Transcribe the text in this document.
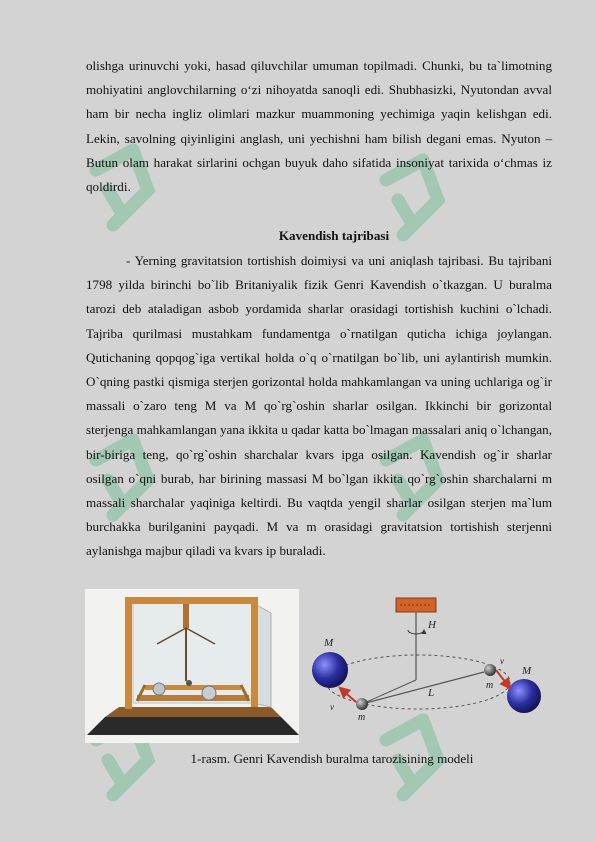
olishga urinuvchi yoki, hasad qiluvchilar umuman topilmadi. Chunki, bu ta`limotning mohiyatini anglovchilarning o‘zi nihoyatda sanoqli edi. Shubhasizki, Nyutondan avval ham bir necha ingliz olimlari mazkur muammoning yechimiga yaqin kelishgan edi. Lekin, savolning qiyinligini anglash, uni yechishni ham bilish degani emas. Nyuton – Butun olam harakat sirlarini ochgan buyuk daho sifatida insoniyat tarixida o‘chmas iz qoldirdi.

Kavendish tajribasi

- Yerning gravitatsion tortishish doimiysi va uni aniqlash tajribasi. Bu tajribani 1798 yilda birinchi bo`lib Britaniyalik fizik Genri Kavendish o`tkazgan. U buralma tarozi deb ataladigan asbob yordamida sharlar orasidagi tortishish kuchini o`lchadi. Tajriba qurilmasi mustahkam fundamentga o`rnatilgan qutichа ichiga joylangan. Qutichaning qopqog`iga vertikal holda o`q o`rnatilgan bo`lib, uni aylantirish mumkin. O`qning pastki qismiga sterjen gorizontal holda mahkamlangan va uning uchlariga og`ir massali o`zaro teng M va M qo`rg`oshin sharlar osilgan. Ikkinchi bir gorizontal sterjenga mahkamlangan yana ikkita u qadar katta bo`lmagan massalari aniq o`lchangan, bir-biriga teng, qo`rg`oshin sharchalar kvars ipga osilgan. Kavendish og`ir sharlar osilgan o`qni burab, har birining massasi M bo`lgan ikkita qo`rg`oshin sharchalarni m massali sharchalar yaqiniga keltirdi. Bu vaqtda yengil sharlar osilgan sterjen ma`lum burchakka burilganini payqadi. M va m orasidagi gravitatsion tortishish sterjenni aylanishga majbur qiladi va kvars ip buraladi.

H
L
M
M
m
m
v⃗
v⃗
1-rasm. Genri Kavendish buralma tarozisining modeli
